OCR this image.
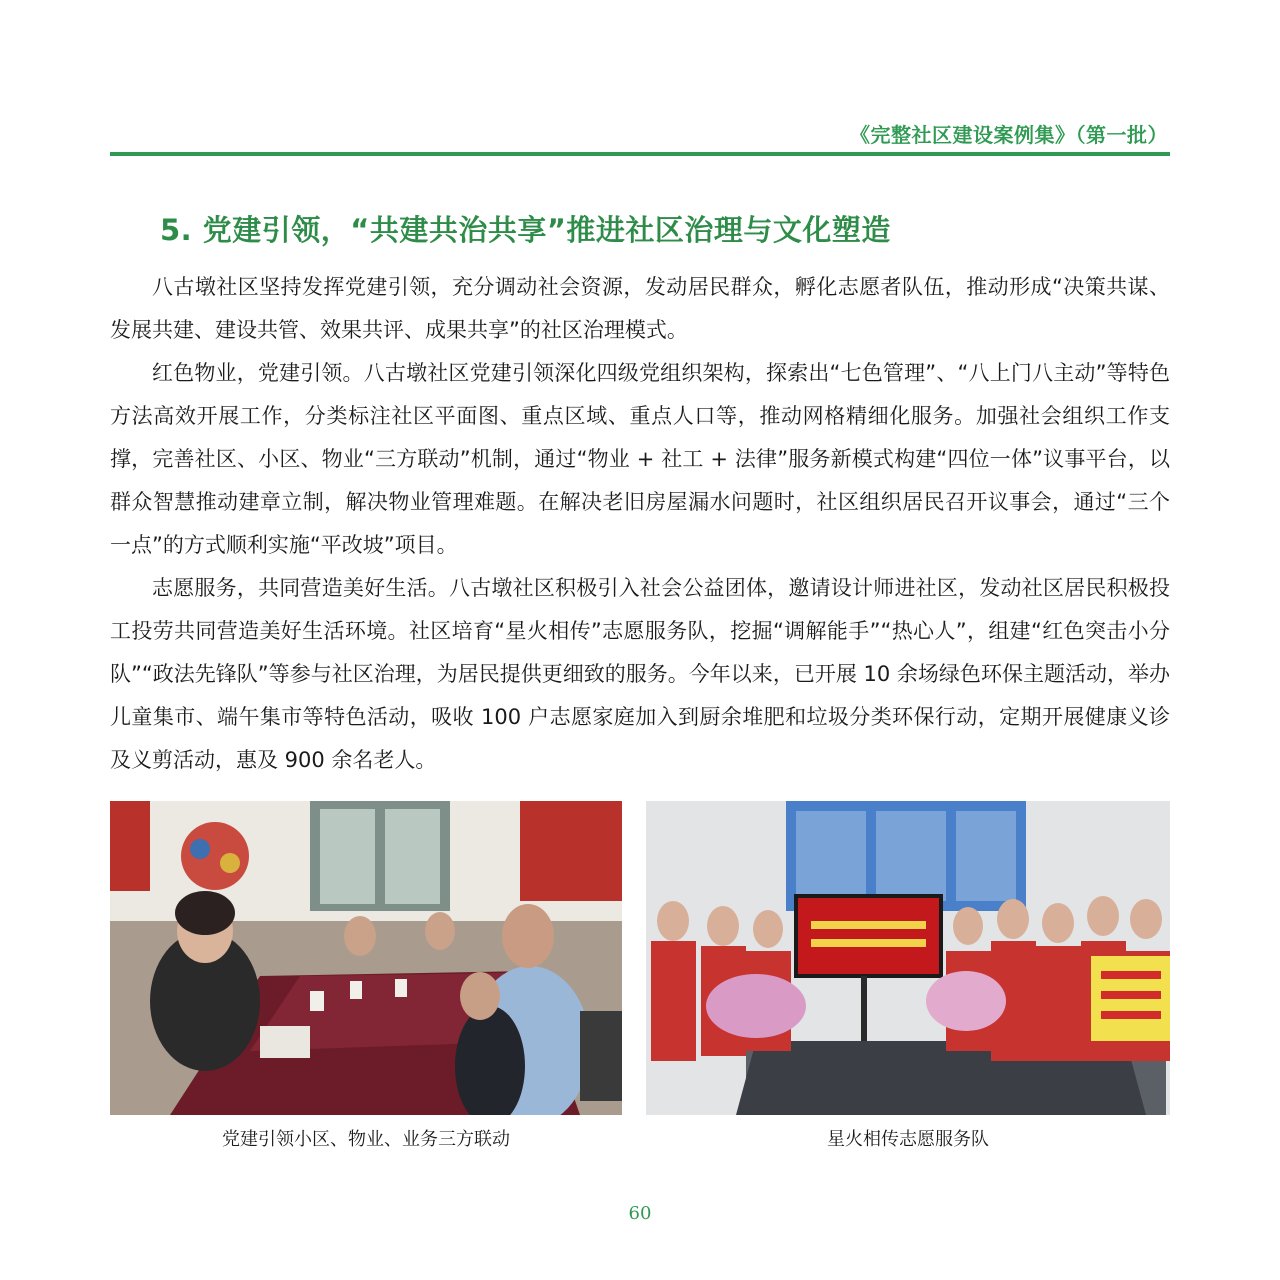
《完整社区建设案例集》（第一批）
5. 党建引领，“共建共治共享”推进社区治理与文化塑造

八古墩社区坚持发挥党建引领，充分调动社会资源，发动居民群众，孵化志愿者队伍，推动形成“决策共谋、发展共建、建设共管、效果共评、成果共享”的社区治理模式。

红色物业，党建引领。八古墩社区党建引领深化四级党组织架构，探索出“七色管理”、“八上门八主动”等特色方法高效开展工作，分类标注社区平面图、重点区域、重点人口等，推动网格精细化服务。加强社会组织工作支撑，完善社区、小区、物业“三方联动”机制，通过“物业 + 社工 + 法律”服务新模式构建“四位一体”议事平台，以群众智慧推动建章立制，解决物业管理难题。在解决老旧房屋漏水问题时，社区组织居民召开议事会，通过“三个一点”的方式顺利实施“平改坡”项目。

志愿服务，共同营造美好生活。八古墩社区积极引入社会公益团体，邀请设计师进社区，发动社区居民积极投工投劳共同营造美好生活环境。社区培育“星火相传”志愿服务队，挖掘“调解能手”“热心人”，组建“红色突击小分队”“政法先锋队”等参与社区治理，为居民提供更细致的服务。今年以来，已开展 10 余场绿色环保主题活动，举办儿童集市、端午集市等特色活动，吸收 100 户志愿家庭加入到厨余堆肥和垃圾分类环保行动，定期开展健康义诊及义剪活动，惠及 900 余名老人。

党建引领小区、物业、业务三方联动	星火相传志愿服务队
60
